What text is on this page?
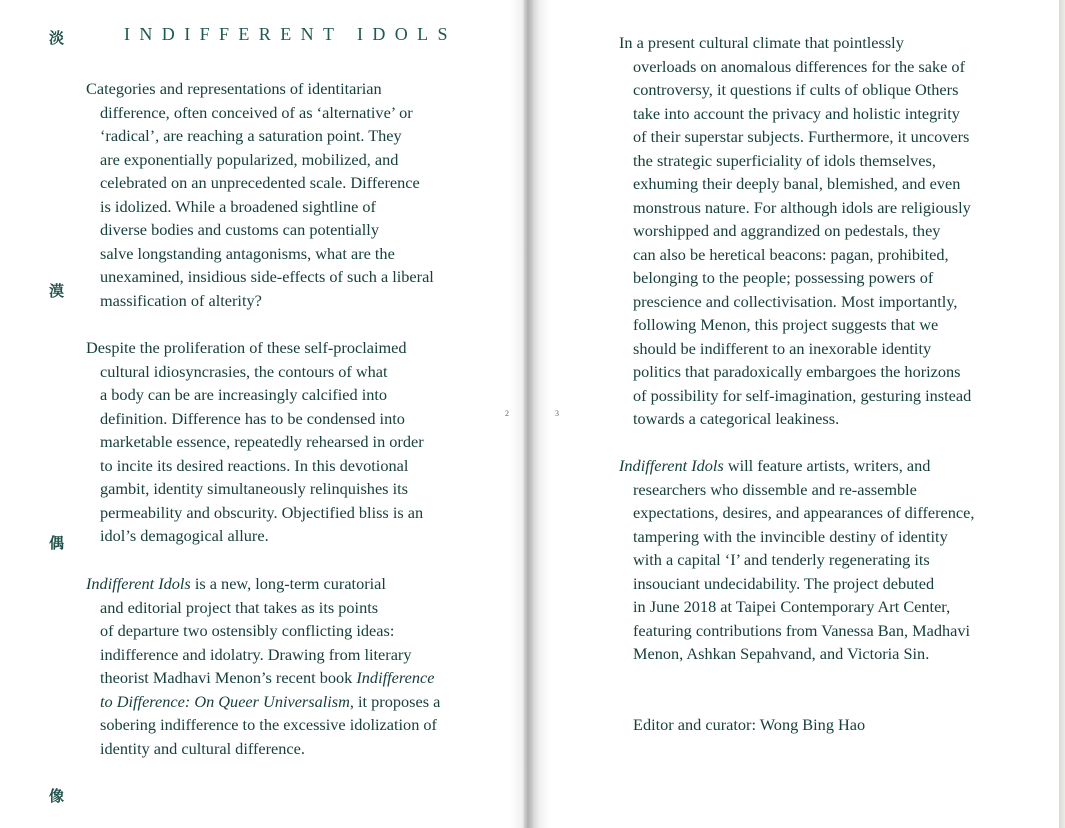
淡
漠
偶
像
INDIFFERENT IDOLS
Categories and representations of identitarian
difference, often conceived of as ‘alternative’ or
‘radical’, are reaching a saturation point. They
are exponentially popularized, mobilized, and
celebrated on an unprecedented scale. Difference
is idolized. While a broadened sightline of
diverse bodies and customs can potentially
salve longstanding antagonisms, what are the
unexamined, insidious side-effects of such a liberal
massification of alterity?
Despite the proliferation of these self-proclaimed
cultural idiosyncrasies, the contours of what
a body can be are increasingly calcified into
definition. Difference has to be condensed into
marketable essence, repeatedly rehearsed in order
to incite its desired reactions. In this devotional
gambit, identity simultaneously relinquishes its
permeability and obscurity. Objectified bliss is an
idol’s demagogical allure.
Indifferent Idols is a new, long-term curatorial
and editorial project that takes as its points
of departure two ostensibly conflicting ideas:
indifference and idolatry. Drawing from literary
theorist Madhavi Menon’s recent book Indifference
to Difference: On Queer Universalism, it proposes a
sobering indifference to the excessive idolization of
identity and cultural difference.
2	3
In a present cultural climate that pointlessly
overloads on anomalous differences for the sake of
controversy, it questions if cults of oblique Others
take into account the privacy and holistic integrity
of their superstar subjects. Furthermore, it uncovers
the strategic superficiality of idols themselves,
exhuming their deeply banal, blemished, and even
monstrous nature. For although idols are religiously
worshipped and aggrandized on pedestals, they
can also be heretical beacons: pagan, prohibited,
belonging to the people; possessing powers of
prescience and collectivisation. Most importantly,
following Menon, this project suggests that we
should be indifferent to an inexorable identity
politics that paradoxically embargoes the horizons
of possibility for self-imagination, gesturing instead
towards a categorical leakiness.
Indifferent Idols will feature artists, writers, and
researchers who dissemble and re-assemble
expectations, desires, and appearances of difference,
tampering with the invincible destiny of identity
with a capital ‘I’ and tenderly regenerating its
insouciant undecidability. The project debuted
in June 2018 at Taipei Contemporary Art Center,
featuring contributions from Vanessa Ban, Madhavi
Menon, Ashkan Sepahvand, and Victoria Sin.
Editor and curator: Wong Bing Hao
